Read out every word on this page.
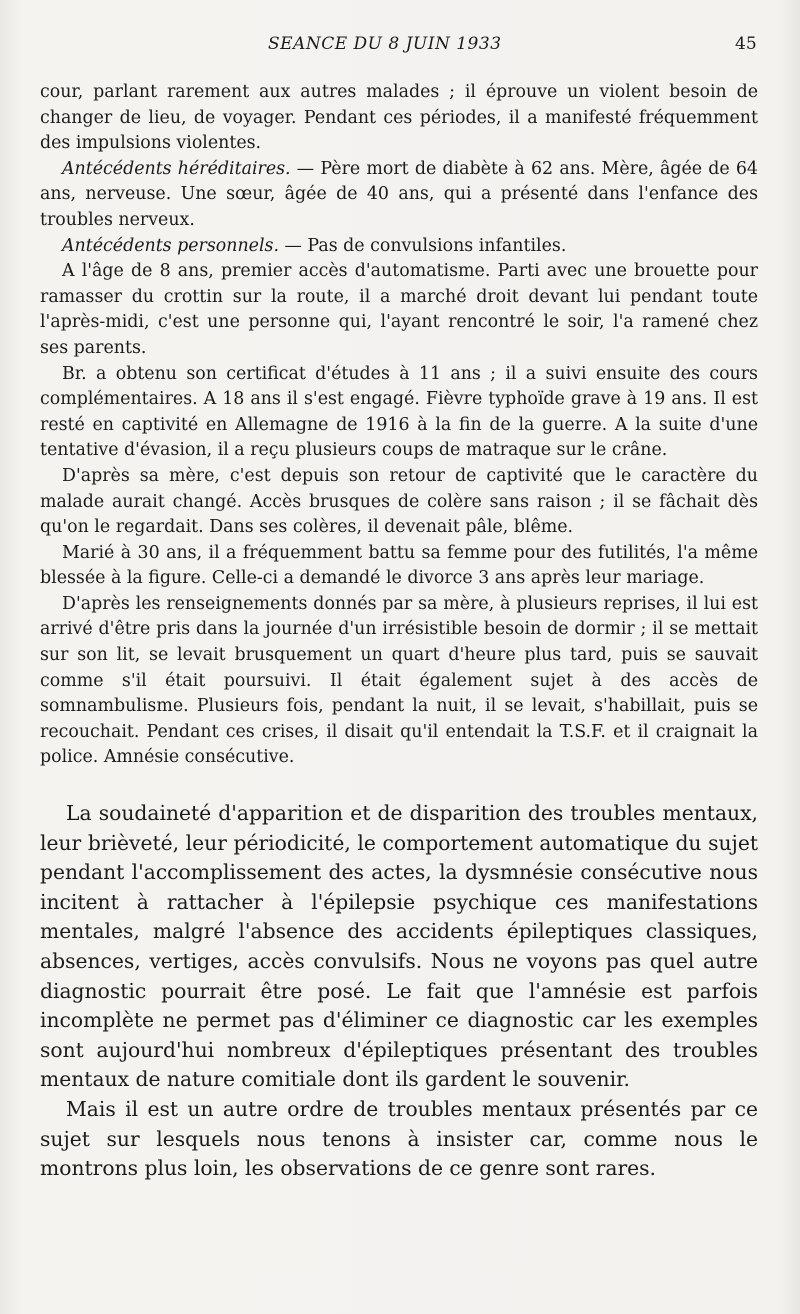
SEANCE DU 8 JUIN 1933	45

cour, parlant rarement aux autres malades ; il éprouve un violent besoin de changer de lieu, de voyager. Pendant ces périodes, il a manifesté fréquemment des impulsions violentes.

Antécédents héréditaires. — Père mort de diabète à 62 ans. Mère, âgée de 64 ans, nerveuse. Une sœur, âgée de 40 ans, qui a présenté dans l'enfance des troubles nerveux.

Antécédents personnels. — Pas de convulsions infantiles.

A l'âge de 8 ans, premier accès d'automatisme. Parti avec une brouette pour ramasser du crottin sur la route, il a marché droit devant lui pendant toute l'après-midi, c'est une personne qui, l'ayant rencontré le soir, l'a ramené chez ses parents.

Br. a obtenu son certificat d'études à 11 ans ; il a suivi ensuite des cours complémentaires. A 18 ans il s'est engagé. Fièvre typhoïde grave à 19 ans. Il est resté en captivité en Allemagne de 1916 à la fin de la guerre. A la suite d'une tentative d'évasion, il a reçu plusieurs coups de matraque sur le crâne.

D'après sa mère, c'est depuis son retour de captivité que le caractère du malade aurait changé. Accès brusques de colère sans raison ; il se fâchait dès qu'on le regardait. Dans ses colères, il devenait pâle, blême.

Marié à 30 ans, il a fréquemment battu sa femme pour des futilités, l'a même blessée à la figure. Celle-ci a demandé le divorce 3 ans après leur mariage.

D'après les renseignements donnés par sa mère, à plusieurs reprises, il lui est arrivé d'être pris dans la journée d'un irrésistible besoin de dormir ; il se mettait sur son lit, se levait brusquement un quart d'heure plus tard, puis se sauvait comme s'il était poursuivi. Il était également sujet à des accès de somnambulisme. Plusieurs fois, pendant la nuit, il se levait, s'habillait, puis se recouchait. Pendant ces crises, il disait qu'il entendait la T.S.F. et il craignait la police. Amnésie consécutive.

La soudaineté d'apparition et de disparition des troubles mentaux, leur brièveté, leur périodicité, le comportement automatique du sujet pendant l'accomplissement des actes, la dysmnésie consécutive nous incitent à rattacher à l'épilepsie psychique ces manifestations mentales, malgré l'absence des accidents épileptiques classiques, absences, vertiges, accès convulsifs. Nous ne voyons pas quel autre diagnostic pourrait être posé. Le fait que l'amnésie est parfois incomplète ne permet pas d'éliminer ce diagnostic car les exemples sont aujourd'hui nombreux d'épileptiques présentant des troubles mentaux de nature comitiale dont ils gardent le souvenir.

Mais il est un autre ordre de troubles mentaux présentés par ce sujet sur lesquels nous tenons à insister car, comme nous le montrons plus loin, les observations de ce genre sont rares.
